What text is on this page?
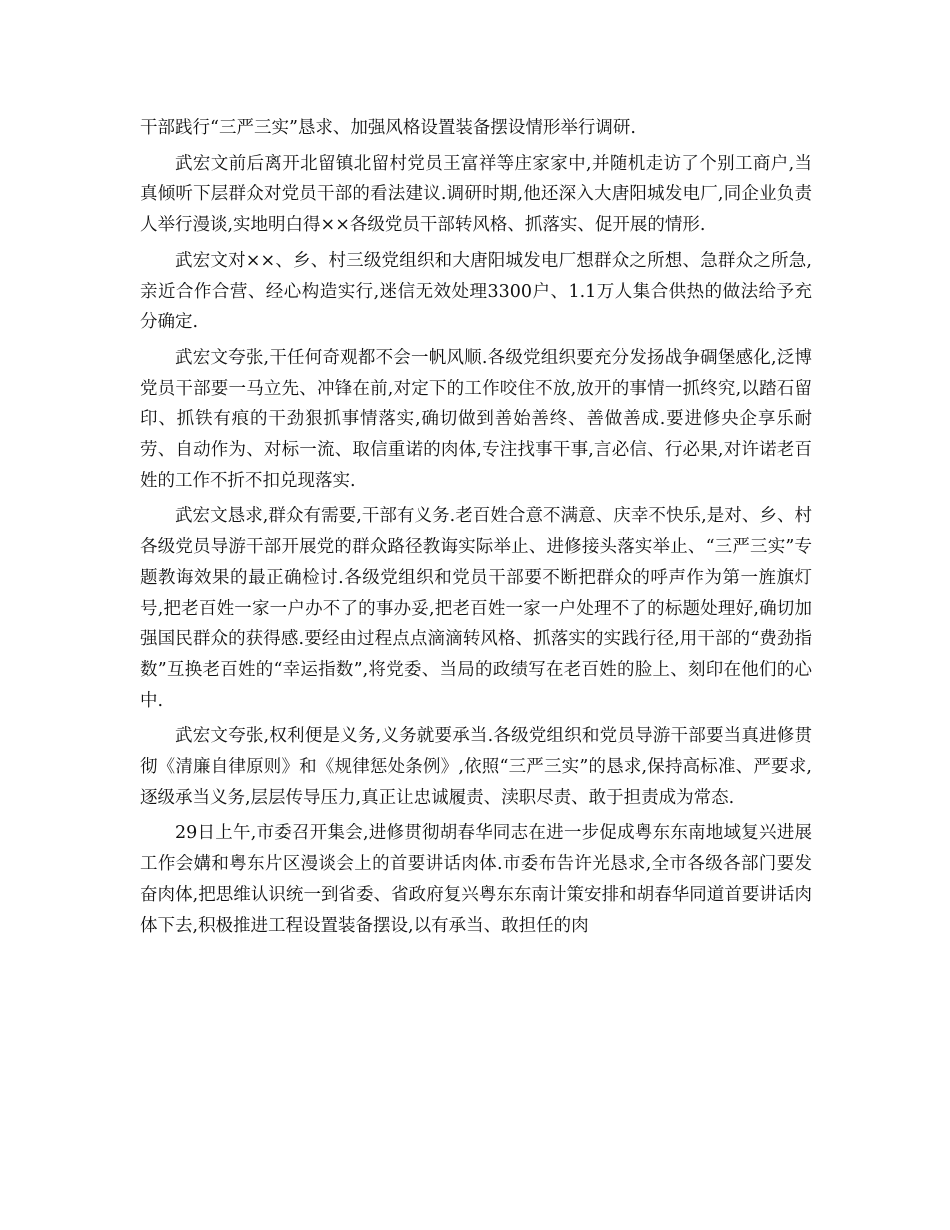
干部践行“三严三实”恳求、加强风格设置装备摆设情形举行调研.

武宏文前后离开北留镇北留村党员王富祥等庄家家中,并随机走访了个别工商户,当真倾听下层群众对党员干部的看法建议.调研时期,他还深入大唐阳城发电厂,同企业负责人举行漫谈,实地明白得××各级党员干部转风格、抓落实、促开展的情形.

武宏文对××、乡、村三级党组织和大唐阳城发电厂想群众之所想、急群众之所急,亲近合作合营、经心构造实行,迷信无效处理3300户、1.1万人集合供热的做法给予充分确定.

武宏文夸张,干任何奇观都不会一帆风顺.各级党组织要充分发扬战争碉堡感化,泛博党员干部要一马立先、冲锋在前,对定下的工作咬住不放,放开的事情一抓终究,以踏石留印、抓铁有痕的干劲狠抓事情落实,确切做到善始善终、善做善成.要进修央企享乐耐劳、自动作为、对标一流、取信重诺的肉体,专注找事干事,言必信、行必果,对许诺老百姓的工作不折不扣兑现落实.

武宏文恳求,群众有需要,干部有义务.老百姓合意不满意、庆幸不快乐,是对、乡、村各级党员导游干部开展党的群众路径教诲实际举止、进修接头落实举止、“三严三实”专题教诲效果的最正确检讨.各级党组织和党员干部要不断把群众的呼声作为第一旌旗灯号,把老百姓一家一户办不了的事办妥,把老百姓一家一户处理不了的标题处理好,确切加强国民群众的获得感.要经由过程点点滴滴转风格、抓落实的实践行径,用干部的“费劲指数”互换老百姓的“幸运指数”,将党委、当局的政绩写在老百姓的脸上、刻印在他们的心中.

武宏文夸张,权利便是义务,义务就要承当.各级党组织和党员导游干部要当真进修贯彻《清廉自律原则》和《规律惩处条例》,依照“三严三实”的恳求,保持高标准、严要求,逐级承当义务,层层传导压力,真正让忠诚履责、渎职尽责、敢于担责成为常态.

29日上午,市委召开集会,进修贯彻胡春华同志在进一步促成粤东东南地域复兴进展工作会媾和粤东片区漫谈会上的首要讲话肉体.市委布告许光恳求,全市各级各部门要发奋肉体,把思维认识统一到省委、省政府复兴粤东东南计策安排和胡春华同道首要讲话肉体下去,积极推进工程设置装备摆设,以有承当、敢担任的肉
